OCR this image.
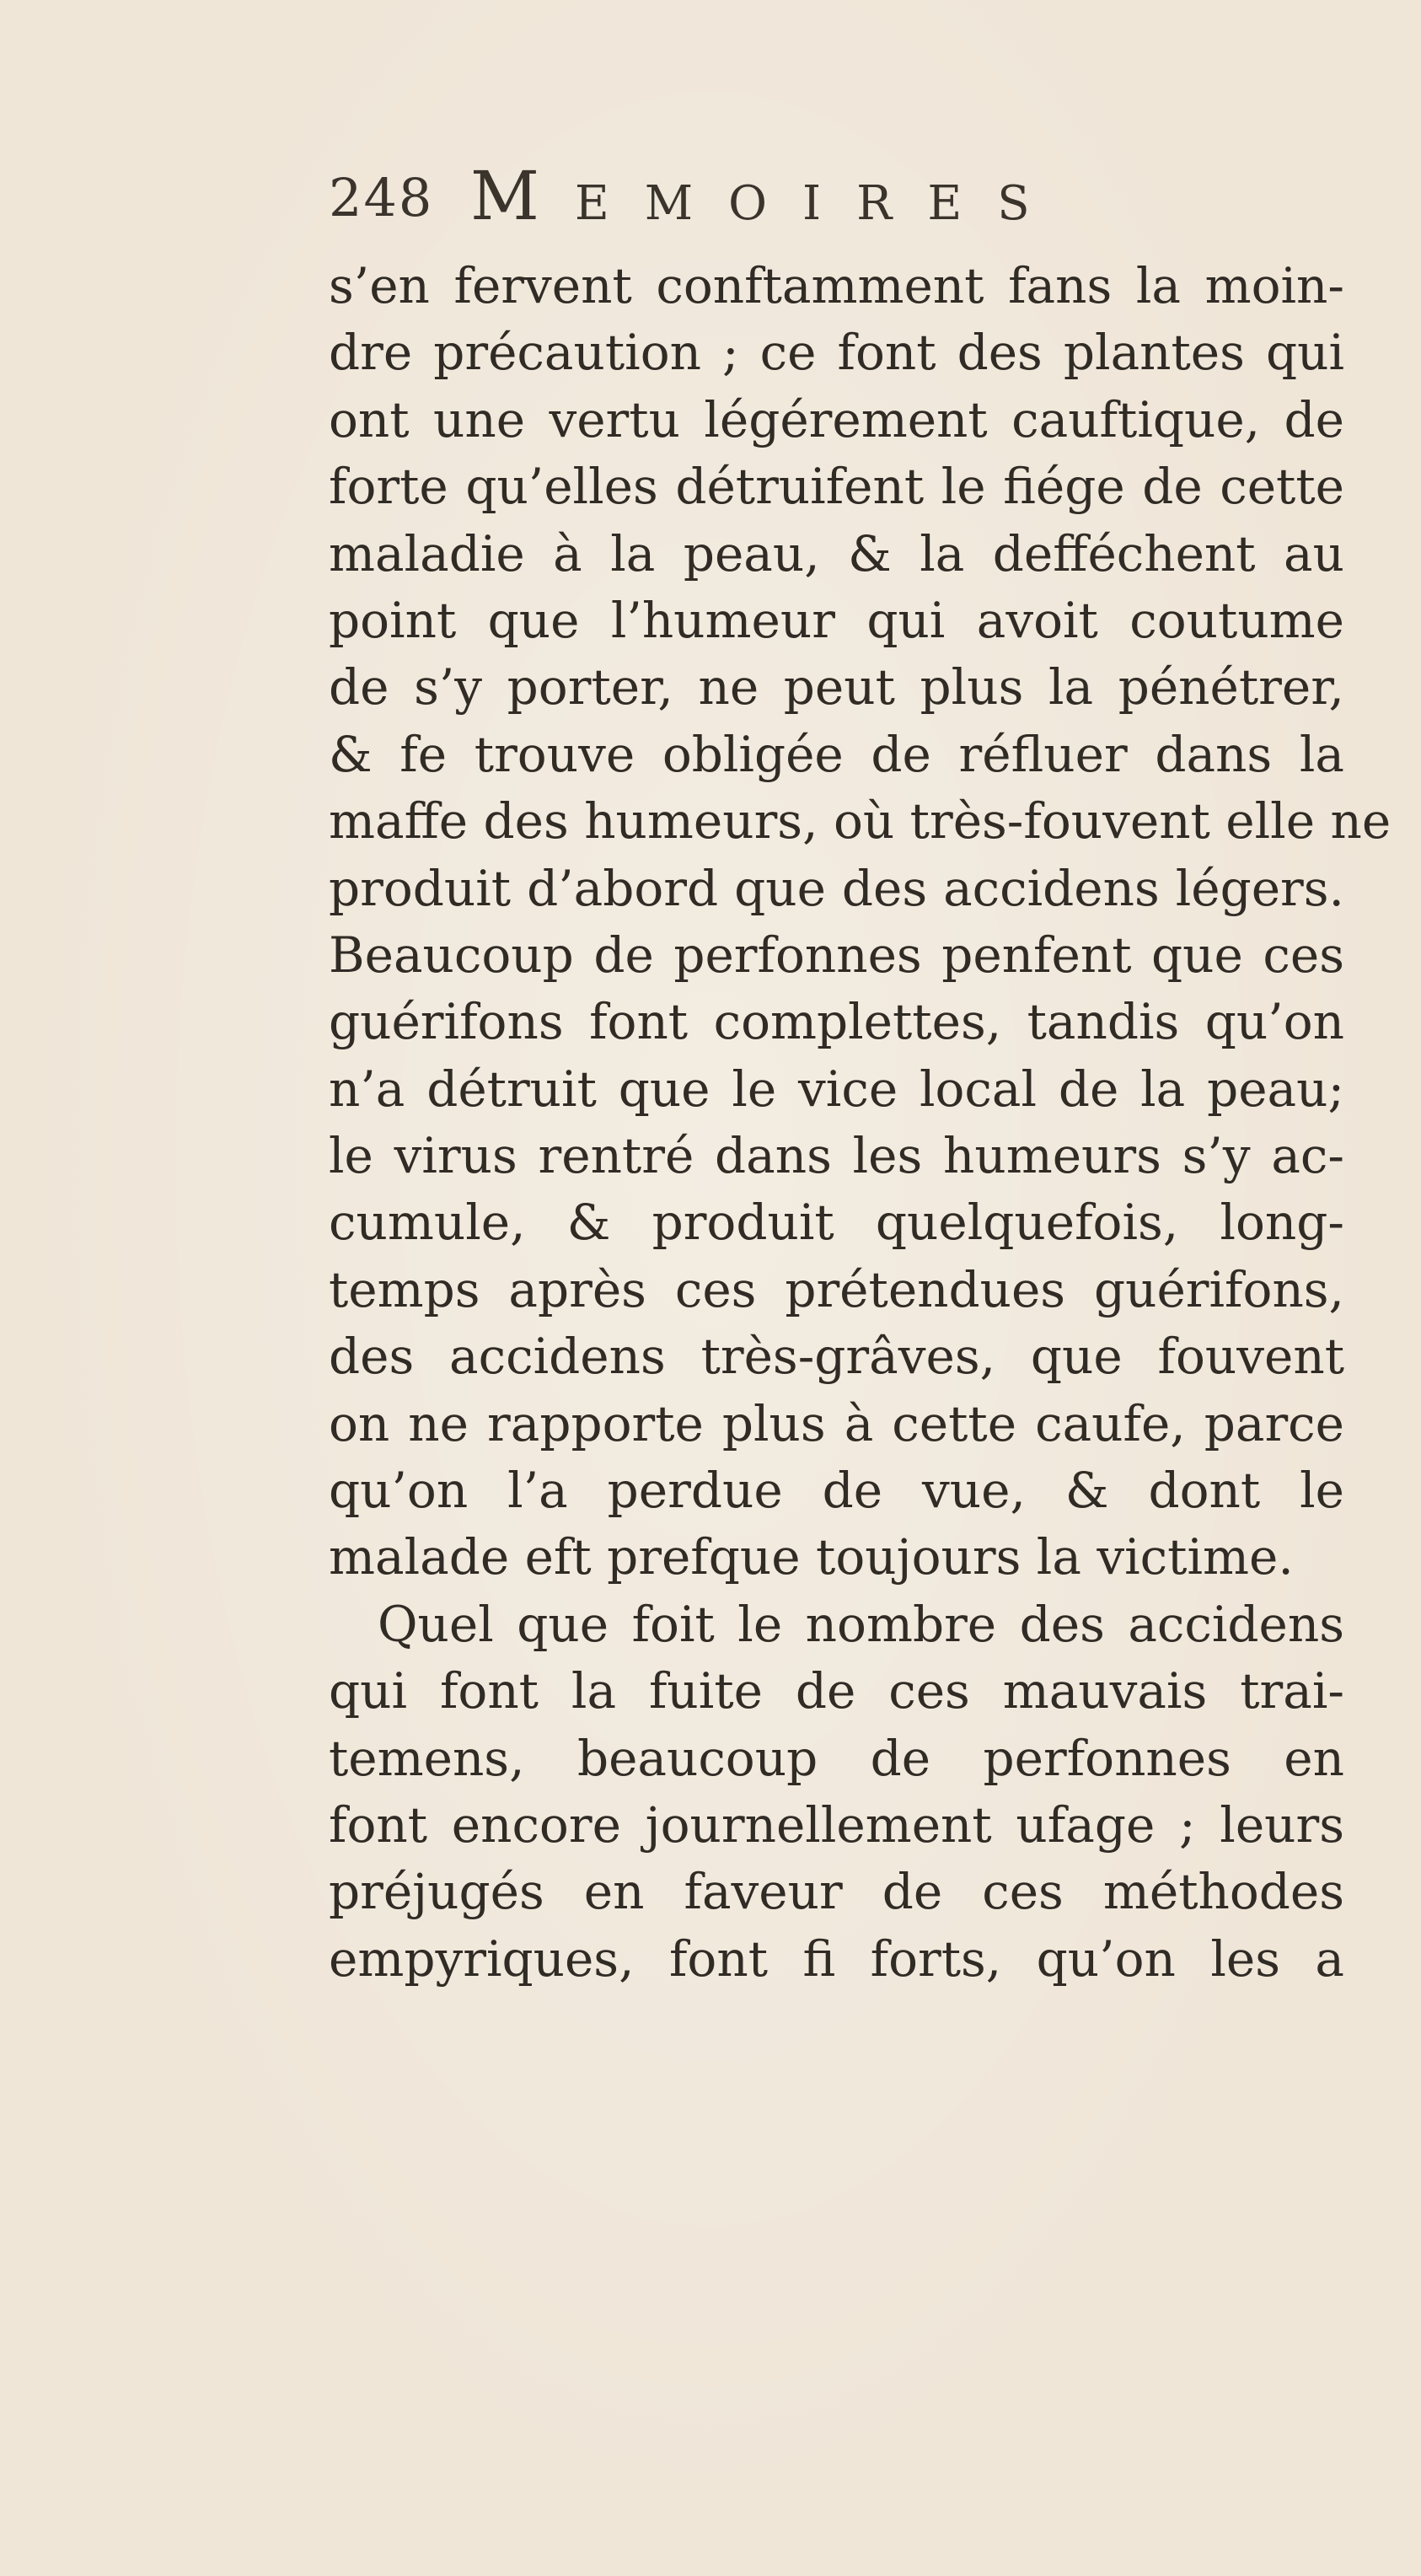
248 Memoires
s’en fervent conftamment fans la moin-
dre précaution ; ce font des plantes qui
ont une vertu légérement cauftique, de
forte qu’elles détruifent le fiége de cette
maladie à la peau, & la defféchent au
point que l’humeur qui avoit coutume
de s’y porter, ne peut plus la pénétrer,
& fe trouve obligée de réfluer dans la
maffe des humeurs, où très-fouvent elle ne
produit d’abord que des accidens légers.
Beaucoup de perfonnes penfent que ces
guérifons font complettes, tandis qu’on
n’a détruit que le vice local de la peau;
le virus rentré dans les humeurs s’y ac-
cumule, & produit quelquefois, long-
temps après ces prétendues guérifons,
des accidens très-grâves, que fouvent
on ne rapporte plus à cette caufe, parce
qu’on l’a perdue de vue, & dont le
malade eft prefque toujours la victime.
Quel que foit le nombre des accidens
qui font la fuite de ces mauvais trai-
temens, beaucoup de perfonnes en
font encore journellement ufage ; leurs
préjugés en faveur de ces méthodes
empyriques, font fi forts, qu’on les a
